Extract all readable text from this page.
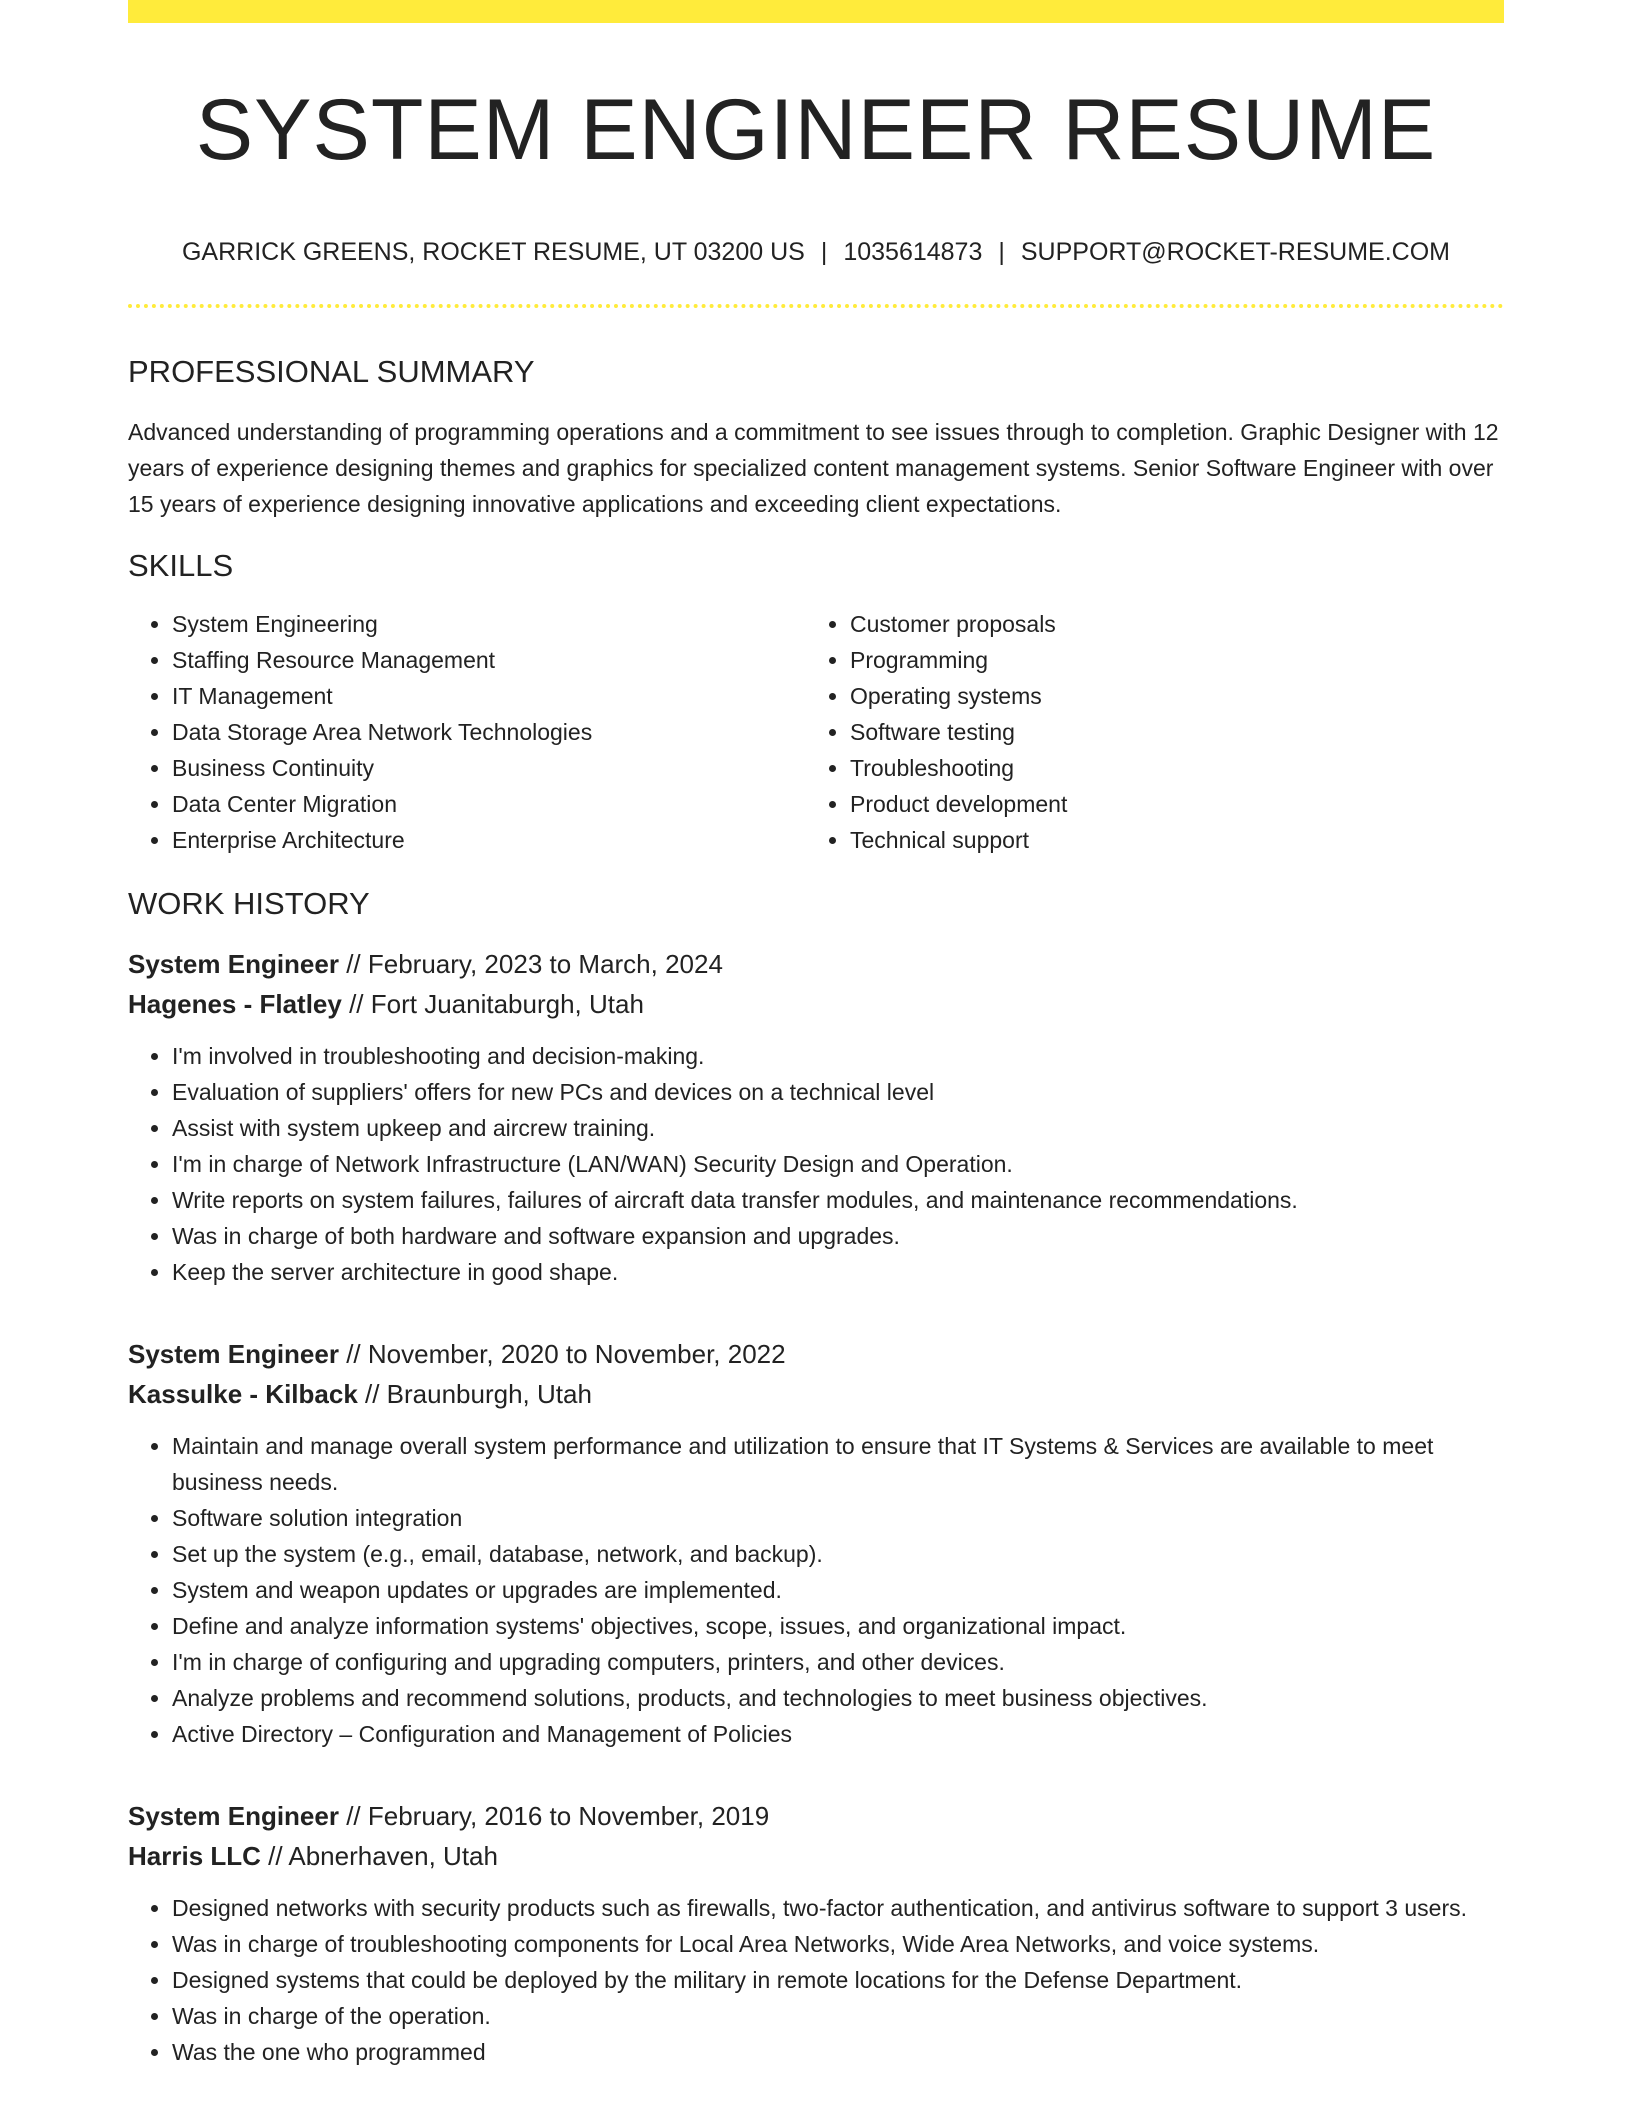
SYSTEM ENGINEER RESUME
GARRICK GREENS, ROCKET RESUME, UT 03200 US | 1035614873 | SUPPORT@ROCKET-RESUME.COM
PROFESSIONAL SUMMARY

Advanced understanding of programming operations and a commitment to see issues through to completion. Graphic Designer with 12 years of experience designing themes and graphics for specialized content management systems. Senior Software Engineer with over 15 years of experience designing innovative applications and exceeding client expectations.

SKILLS
• System Engineering
• Staffing Resource Management
• IT Management
• Data Storage Area Network Technologies
• Business Continuity
• Data Center Migration
• Enterprise Architecture
• Customer proposals
• Programming
• Operating systems
• Software testing
• Troubleshooting
• Product development
• Technical support
WORK HISTORY
System Engineer // February, 2023 to March, 2024
Hagenes - Flatley // Fort Juanitaburgh, Utah
• I'm involved in troubleshooting and decision-making.
• Evaluation of suppliers' offers for new PCs and devices on a technical level
• Assist with system upkeep and aircrew training.
• I'm in charge of Network Infrastructure (LAN/WAN) Security Design and Operation.
• Write reports on system failures, failures of aircraft data transfer modules, and maintenance recommendations.
• Was in charge of both hardware and software expansion and upgrades.
• Keep the server architecture in good shape.
System Engineer // November, 2020 to November, 2022
Kassulke - Kilback // Braunburgh, Utah
• Maintain and manage overall system performance and utilization to ensure that IT Systems & Services are available to meet business needs.
• Software solution integration
• Set up the system (e.g., email, database, network, and backup).
• System and weapon updates or upgrades are implemented.
• Define and analyze information systems' objectives, scope, issues, and organizational impact.
• I'm in charge of configuring and upgrading computers, printers, and other devices.
• Analyze problems and recommend solutions, products, and technologies to meet business objectives.
• Active Directory – Configuration and Management of Policies
System Engineer // February, 2016 to November, 2019
Harris LLC // Abnerhaven, Utah
• Designed networks with security products such as firewalls, two-factor authentication, and antivirus software to support 3 users.
• Was in charge of troubleshooting components for Local Area Networks, Wide Area Networks, and voice systems.
• Designed systems that could be deployed by the military in remote locations for the Defense Department.
• Was in charge of the operation.
• Was the one who programmed
